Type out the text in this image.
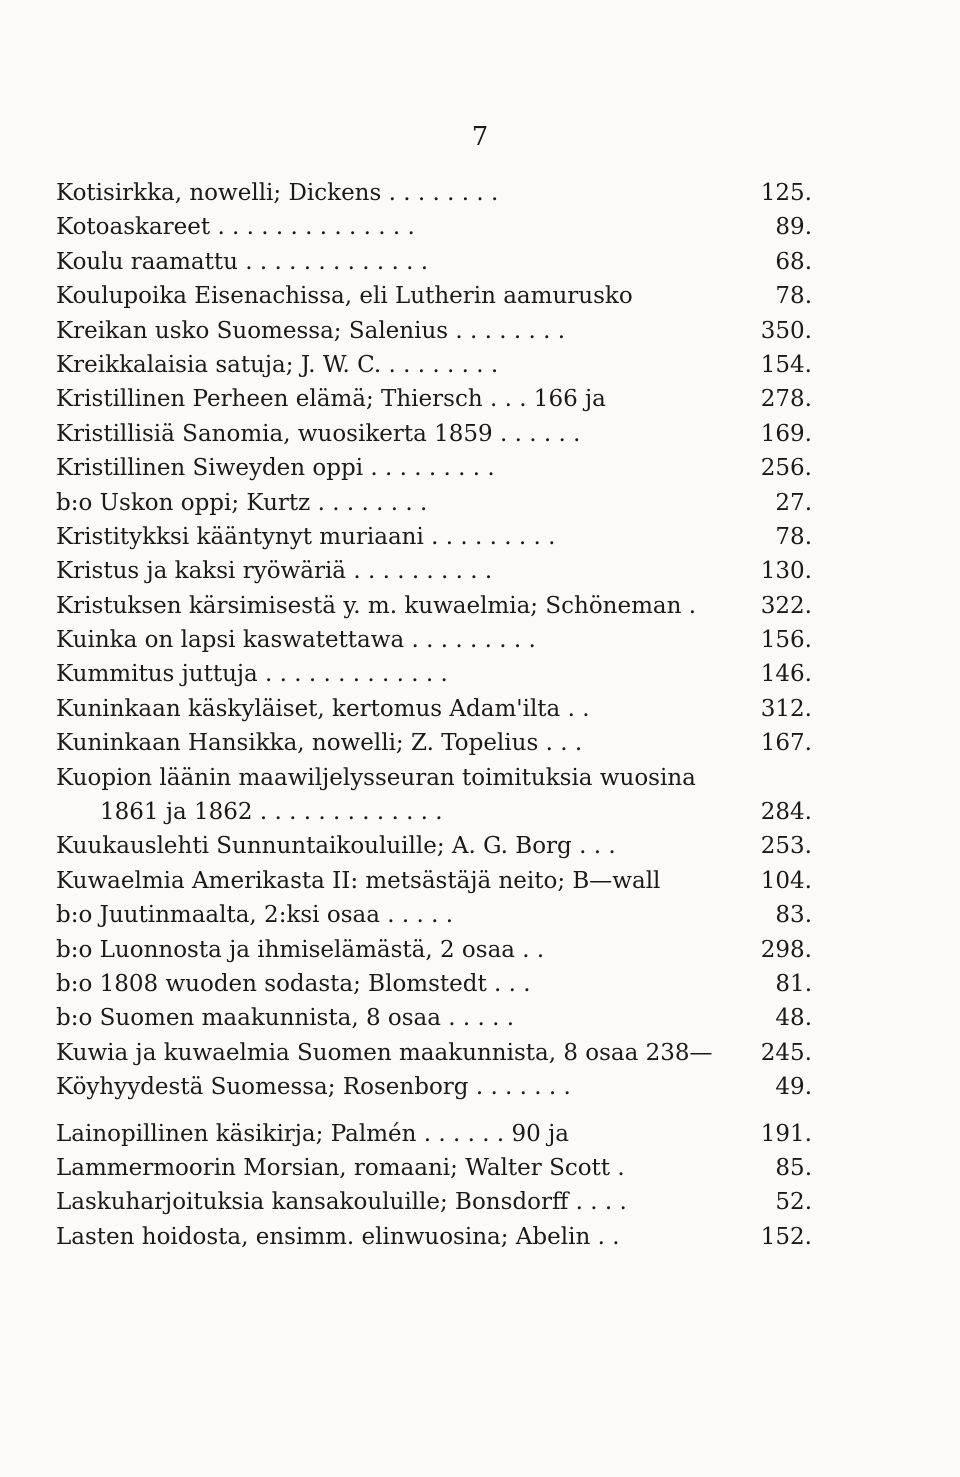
7
Kotisirkka, nowelli; Dickens . . . . . . . .	125.
Kotoaskareet . . . . . . . . . . . . . .	89.
Koulu raamattu . . . . . . . . . . . . .	68.
Koulupoika Eisenachissa, eli Lutherin aamurusko	78.
Kreikan usko Suomessa; Salenius . . . . . . . .	350.
Kreikkalaisia satuja; J. W. C. . . . . . . . .	154.
Kristillinen Perheen elämä; Thiersch . . . 166 ja	278.
Kristillisiä Sanomia, wuosikerta 1859 . . . . . .	169.
Kristillinen Siweyden oppi . . . . . . . . .	256.
b:o Uskon oppi; Kurtz . . . . . . . .	27.
Kristitykksi kääntynyt muriaani . . . . . . . . .	78.
Kristus ja kaksi ryöwäriä . . . . . . . . . .	130.
Kristuksen kärsimisestä y. m. kuwaelmia; Schöneman .	322.
Kuinka on lapsi kaswatettawa . . . . . . . . .	156.
Kummitus juttuja . . . . . . . . . . . . .	146.
Kuninkaan käskyläiset, kertomus Adam'ilta . .	312.
Kuninkaan Hansikka, nowelli; Z. Topelius . . .	167.
Kuopion läänin maawiljelysseuran toimituksia wuosina
1861 ja 1862 . . . . . . . . . . . . .	284.
Kuukauslehti Sunnuntaikouluille; A. G. Borg . . .	253.
Kuwaelmia Amerikasta II: metsästäjä neito; B—wall	104.
b:o Juutinmaalta, 2:ksi osaa . . . . .	83.
b:o Luonnosta ja ihmiselämästä, 2 osaa . .	298.
b:o 1808 wuoden sodasta; Blomstedt . . .	81.
b:o Suomen maakunnista, 8 osaa . . . . .	48.
Kuwia ja kuwaelmia Suomen maakunnista, 8 osaa 238— 245.
Köyhyydestä Suomessa; Rosenborg . . . . . . .	49.
Lainopillinen käsikirja; Palmén . . . . . . 90 ja	191.
Lammermoorin Morsian, romaani; Walter Scott .	85.
Laskuharjoituksia kansakouluille; Bonsdorff . . . .	52.
Lasten hoidosta, ensimm. elinwuosina; Abelin . .	152.
